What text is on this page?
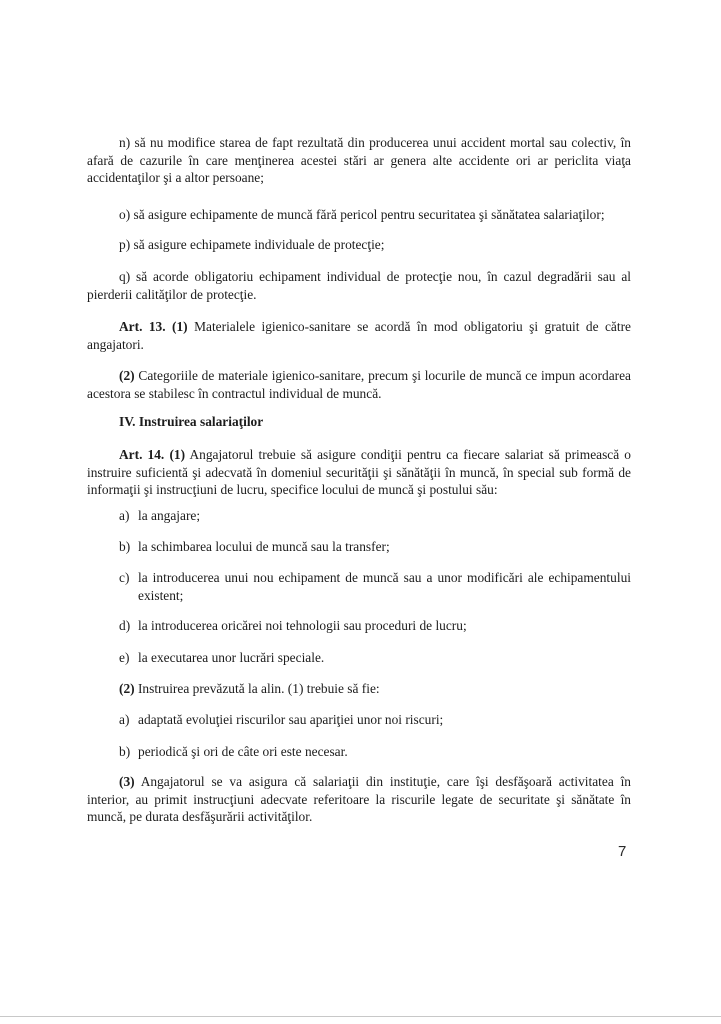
n) să nu modifice starea de fapt rezultată din producerea unui accident mortal sau colectiv, în afară de cazurile în care menţinerea acestei stări ar genera alte accidente ori ar periclita viaţa accidentaţilor şi a altor persoane;

o) să asigure echipamente de muncă fără pericol pentru securitatea şi sănătatea salariaţilor;

p) să asigure echipamete individuale de protecţie;

q) să acorde obligatoriu echipament individual de protecţie nou, în cazul degradării sau al pierderii calităţilor de protecţie.

Art. 13. (1) Materialele igienico-sanitare se acordă în mod obligatoriu şi gratuit de către angajatori.

(2) Categoriile de materiale igienico-sanitare, precum şi locurile de muncă ce impun acordarea acestora se stabilesc în contractul individual de muncă.

IV. Instruirea salariaţilor

Art. 14. (1) Angajatorul trebuie să asigure condiţii pentru ca fiecare salariat să primească o instruire suficientă şi adecvată în domeniul securităţii şi sănătăţii în muncă, în special sub formă de informaţii şi instrucţiuni de lucru, specifice locului de muncă şi postului său:

a) la angajare;

b) la schimbarea locului de muncă sau la transfer;

c) la introducerea unui nou echipament de muncă sau a unor modificări ale echipamentului existent;

d) la introducerea oricărei noi tehnologii sau proceduri de lucru;

e) la executarea unor lucrări speciale.

(2) Instruirea prevăzută la alin. (1) trebuie să fie:

a) adaptată evoluţiei riscurilor sau apariţiei unor noi riscuri;

b) periodică şi ori de câte ori este necesar.

(3) Angajatorul se va asigura că salariaţii din instituţie, care îşi desfăşoară activitatea în interior, au primit instrucţiuni adecvate referitoare la riscurile legate de securitate şi sănătate în muncă, pe durata desfăşurării activităţilor.

7
